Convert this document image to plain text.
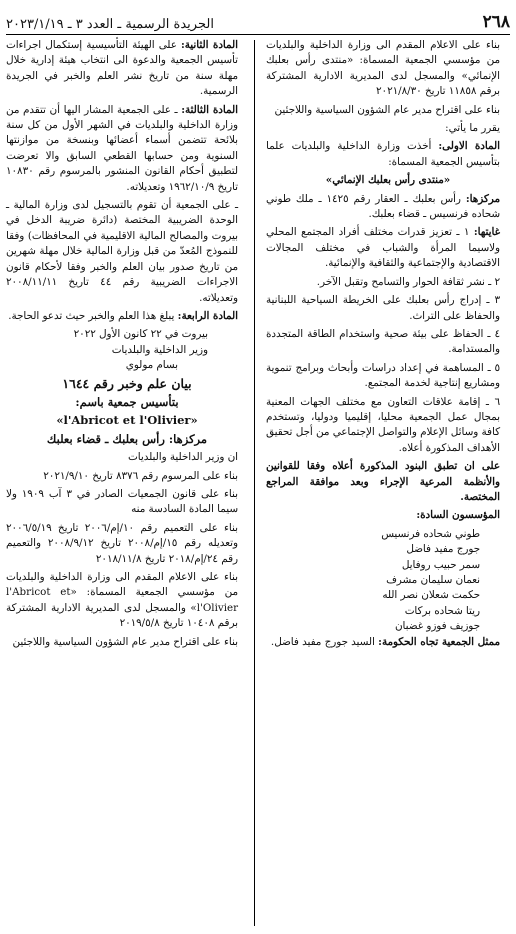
٢٦٨
الجريدة الرسمية ـ العدد ٣ ـ ٢٠٢٣/١/١٩

بناء على الاعلام المقدم الى وزارة الداخلية والبلديات من مؤسسي الجمعية المسماة: «منتدى رأس بعلبك الإنمائي» والمسجل لدى المديرية الادارية المشتركة برقم ١١٨٥٨ تاريخ ٢٠٢١/٨/٣٠

بناء على اقتراح مدير عام الشؤون السياسية واللاجئين

يقرر ما يأتي:

المادة الاولى: أخذت وزارة الداخلية والبلديات علما بتأسيس الجمعية المسماة:

«منتدى رأس بعلبك الإنمائي»

مركزها: رأس بعلبك ـ العقار رقم ١٤٢٥ ـ ملك طوني شحاده فرنسيس ـ قضاء بعلبك.

غايتها: ١ ـ تعزيز قدرات مختلف أفراد المجتمع المحلي ولاسيما المرأة والشباب في مختلف المجالات الاقتصادية والإجتماعية والثقافية والإنمائية.

٢ ـ نشر ثقافة الحوار والتسامح وتقبل الآخر.

٣ ـ إدراج رأس بعلبك على الخريطة السياحية اللبنانية والحفاظ على التراث.

٤ ـ الحفاظ على بيئة صحية واستخدام الطاقة المتجددة والمستدامة.

٥ ـ المساهمة في إعداد دراسات وأبحاث وبرامج تنموية ومشاريع إنتاجية لخدمة المجتمع.

٦ ـ إقامة علاقات التعاون مع مختلف الجهات المعنية بمجال عمل الجمعية محليا، إقليميا ودوليا، وتستخدم كافة وسائل الإعلام والتواصل الإجتماعي من أجل تحقيق الأهداف المذكورة أعلاه.

على ان تطبق البنود المذكورة أعلاه وفقا للقوانين والأنظمة المرعية الإجراء وبعد موافقة المراجع المختصة.

المؤسسون السادة:

طوني شحاده فرنسيس

جورج مفيد فاضل

سمر حبيب روفايل

نعمان سليمان مشرف

حكمت شعلان نصر الله

ريتا شحاده بركات

جوزيف فوزو غضبان

ممثل الجمعية تجاه الحكومة: السيد جورج مفيد فاضل.

المادة الثانية: على الهيئة التأسيسية إستكمال اجراءات تأسيس الجمعية والدعوة الى انتخاب هيئة إدارية خلال مهلة سنة من تاريخ نشر العلم والخبر في الجريدة الرسمية.

المادة الثالثة: ـ على الجمعية المشار اليها أن تتقدم من وزارة الداخلية والبلديات في الشهر الأول من كل سنة بلائحة تتضمن أسماء أعضائها وبنسخة من موازنتها السنوية ومن حسابها القطعي السابق والا تعرضت لتطبيق أحكام القانون المنشور بالمرسوم رقم ١٠٨٣٠ تاريخ ١٩٦٢/١٠/٩ وتعديلاته.

ـ على الجمعية أن تقوم بالتسجيل لدى وزارة المالية ـ الوحدة الضريبية المختصة (دائرة ضريبة الدخل في بيروت والمصالح المالية الاقليمية في المحافظات) وفقا للنموذج المُعدّ من قبل وزارة المالية خلال مهلة شهرين من تاريخ صدور بيان العلم والخبر وفقا لأحكام قانون الاجراءات الضريبية رقم ٤٤ تاريخ ٢٠٠٨/١١/١١ وتعديلاته.

المادة الرابعة: يبلغ هذا العلم والخبر حيث تدعو الحاجة.

بيروت في ٢٢ كانون الأول ٢٠٢٢

وزير الداخلية والبلديات

بسام مولوي

بيان علم وخبر رقم ١٦٤٤

بتأسيس جمعية باسم:

«l'Abricot et l'Olivier»

مركزها: رأس بعلبك ـ قضاء بعلبك

ان وزير الداخلية والبلديات

بناء على المرسوم رقم ٨٣٧٦ تاريخ ٢٠٢١/٩/١٠

بناء على قانون الجمعيات الصادر في ٣ آب ١٩٠٩ ولا سيما المادة السادسة منه

بناء على التعميم رقم ١٠/إم/٢٠٠٦ تاريخ ٢٠٠٦/٥/١٩ وتعديله رقم ١٥/إم/٢٠٠٨ تاريخ ٢٠٠٨/٩/١٢ والتعميم رقم ٢٤/إم/٢٠١٨ تاريخ ٢٠١٨/١١/٨

بناء على الاعلام المقدم الى وزارة الداخلية والبلديات من مؤسسي الجمعية المسماة: «l'Abricot et l'Olivier» والمسجل لدى المديرية الادارية المشتركة برقم ١٠٤٠٨ تاريخ ٢٠١٩/٥/٨

بناء على اقتراح مدير عام الشؤون السياسية واللاجئين
